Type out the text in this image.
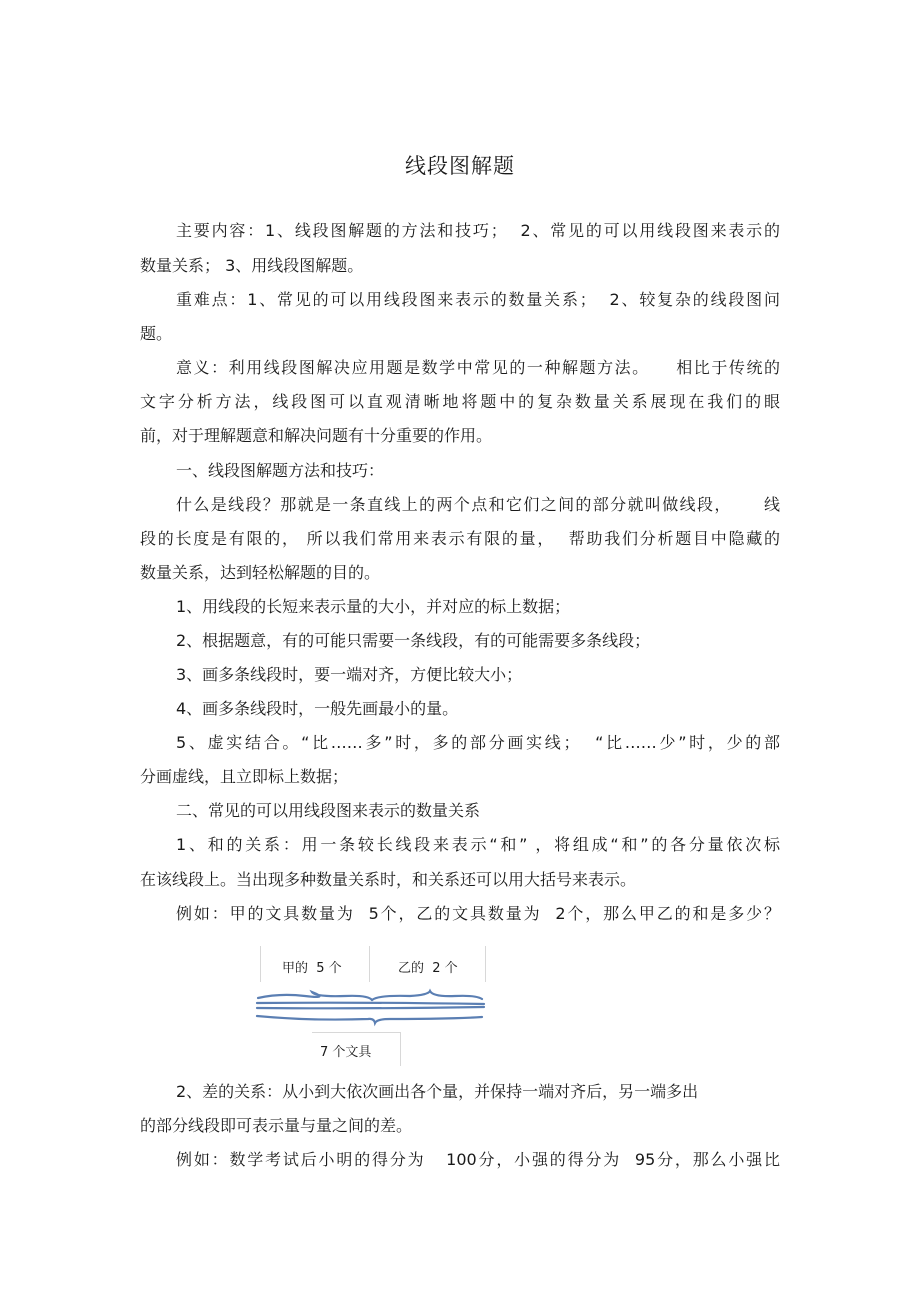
线段图解题
主要内容：1、线段图解题的方法和技巧；  2、常见的可以用线段图来表示的
数量关系； 3、用线段图解题。
重难点：1、常见的可以用线段图来表示的数量关系；  2、较复杂的线段图问
题。
意义：利用线段图解决应用题是数学中常见的一种解题方法。    相比于传统的
文字分析方法，线段图可以直观清晰地将题中的复杂数量关系展现在我们的眼
前，对于理解题意和解决问题有十分重要的作用。
一、线段图解题方法和技巧：
什么是线段？那就是一条直线上的两个点和它们之间的部分就叫做线段，     线
段的长度是有限的， 所以我们常用来表示有限的量，  帮助我们分析题目中隐藏的
数量关系，达到轻松解题的目的。
1、用线段的长短来表示量的大小，并对应的标上数据；
2、根据题意，有的可能只需要一条线段，有的可能需要多条线段；
3、画多条线段时，要一端对齐，方便比较大小；
4、画多条线段时，一般先画最小的量。
5、虚实结合。“比……多”时，多的部分画实线；  “比……少”时，少的部
分画虚线，且立即标上数据；
二、常见的可以用线段图来表示的数量关系
1、和的关系：用一条较长线段来表示“和” ，将组成“和”的各分量依次标
在该线段上。当出现多种数量关系时，和关系还可以用大括号来表示。
例如：甲的文具数量为  5个，乙的文具数量为  2个，那么甲乙的和是多少？
甲的  5 个	乙的  2 个
7 个文具
2、差的关系：从小到大依次画出各个量，并保持一端对齐后，另一端多出
的部分线段即可表示量与量之间的差。
例如：数学考试后小明的得分为   100分，小强的得分为  95分，那么小强比
